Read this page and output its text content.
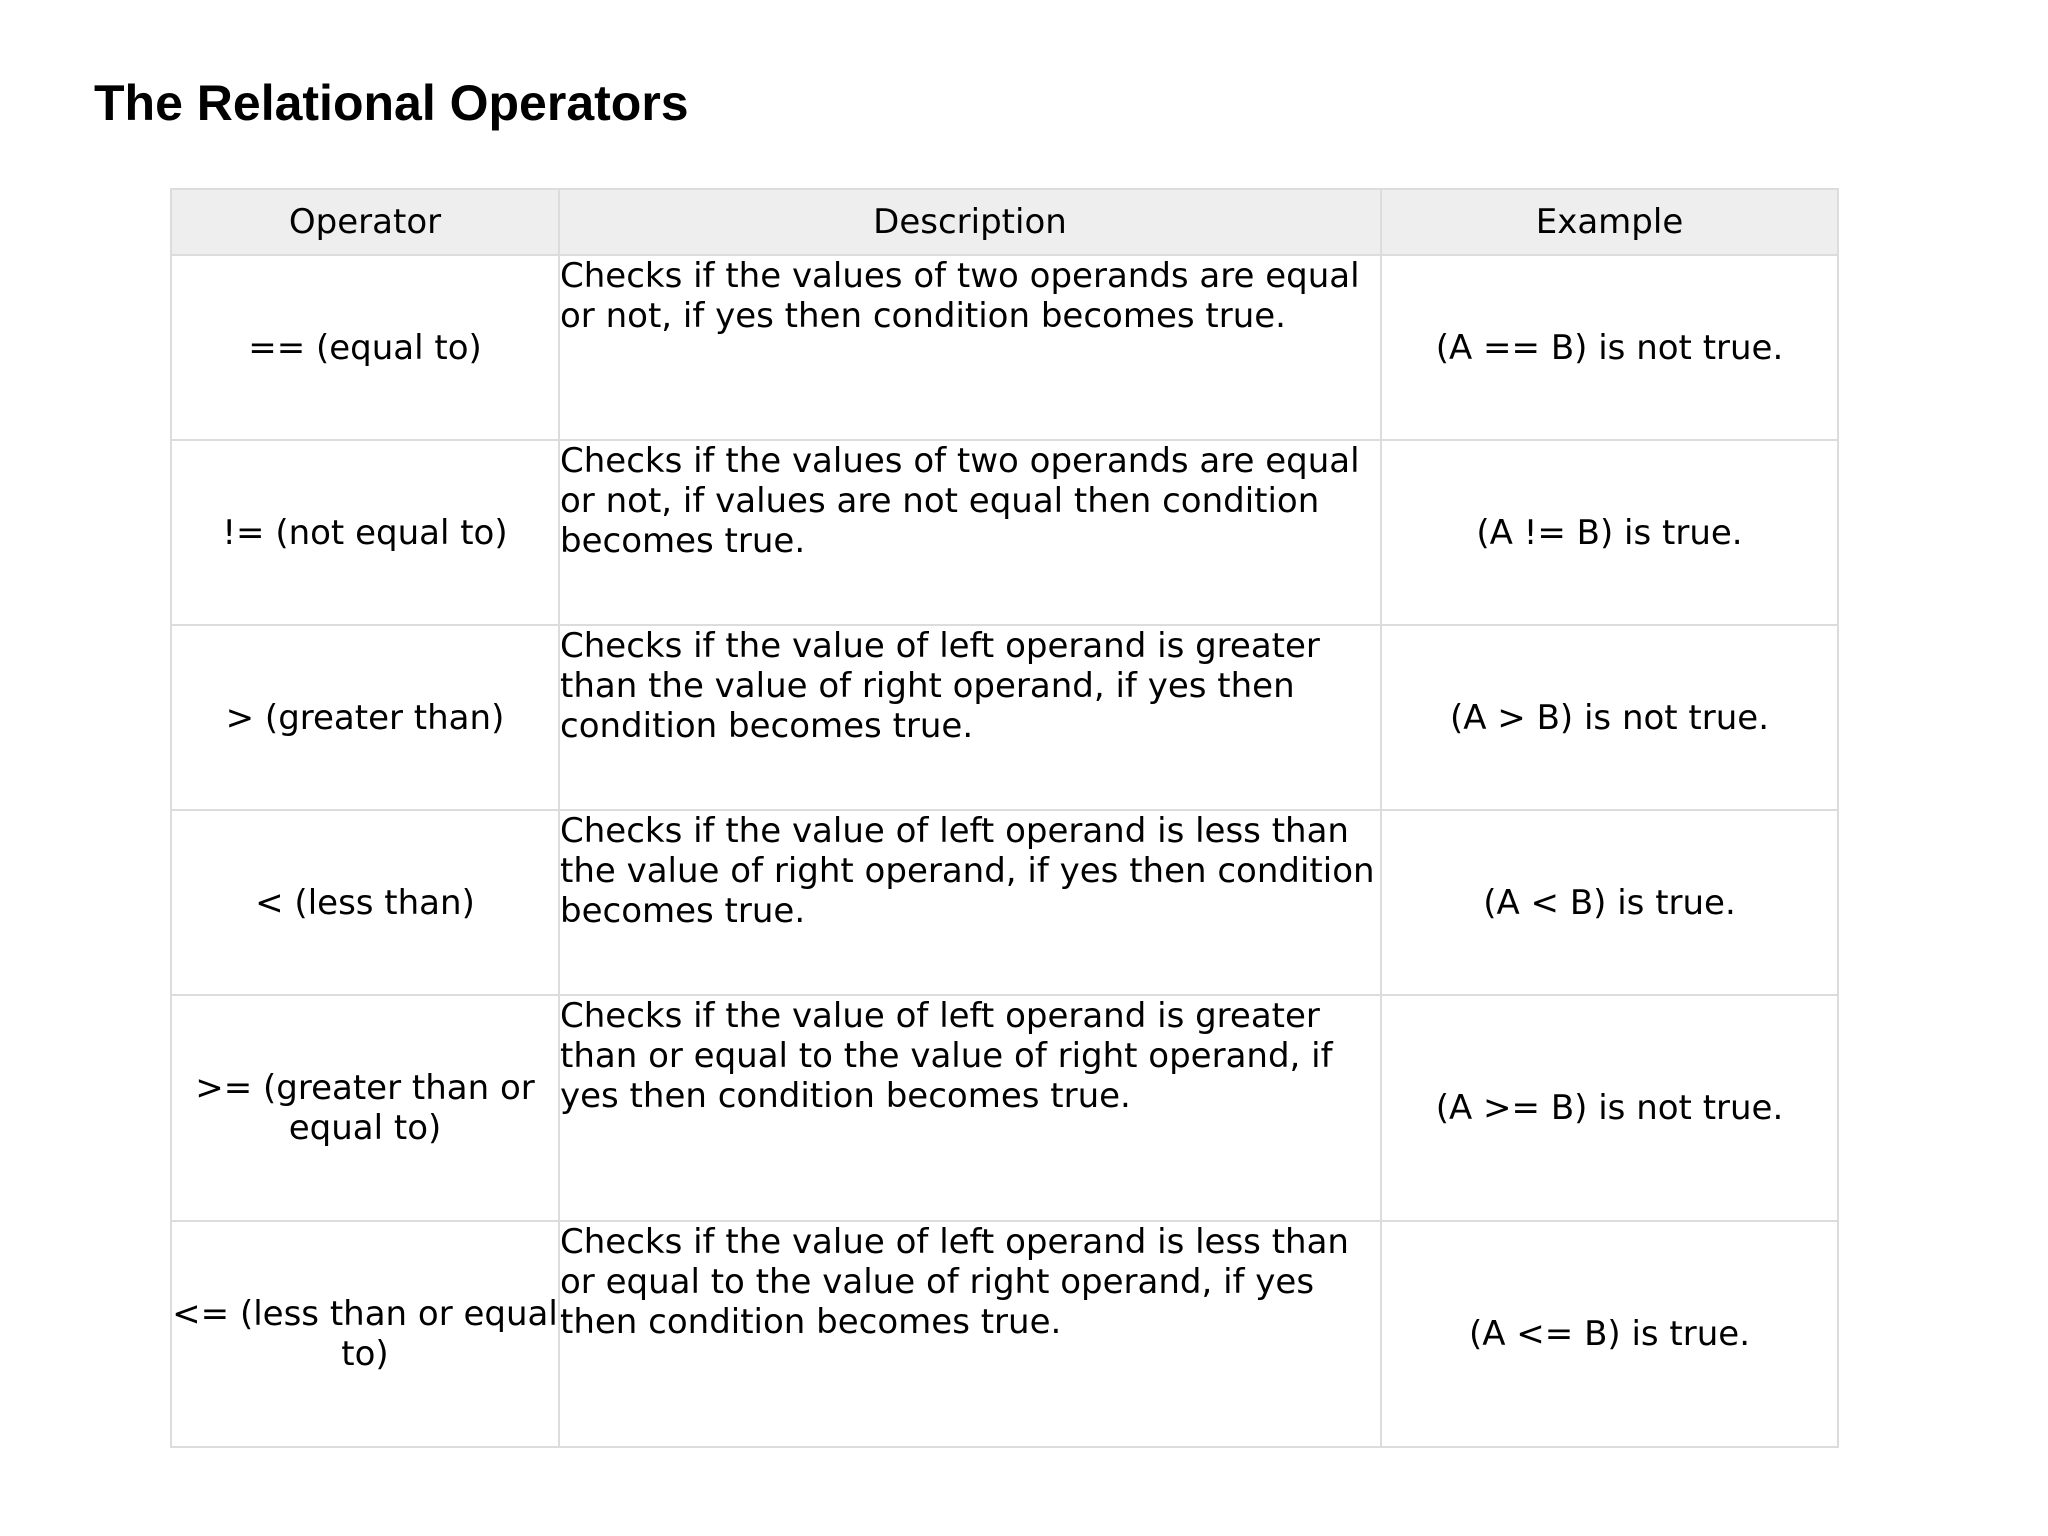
The Relational Operators
Operator	Description	Example
== (equal to)	Checks if the values of two operands are equal or not, if yes then condition becomes true.	(A == B) is not true.
!= (not equal to)	Checks if the values of two operands are equal or not, if values are not equal then condition becomes true.	(A != B) is true.
> (greater than)	Checks if the value of left operand is greater than the value of right operand, if yes then condition becomes true.	(A > B) is not true.
< (less than)	Checks if the value of left operand is less than the value of right operand, if yes then condition becomes true.	(A < B) is true.
>= (greater than or equal to)	Checks if the value of left operand is greater than or equal to the value of right operand, if yes then condition becomes true.	(A >= B) is not true.
<= (less than or equal to)	Checks if the value of left operand is less than or equal to the value of right operand, if yes then condition becomes true.	(A <= B) is true.
